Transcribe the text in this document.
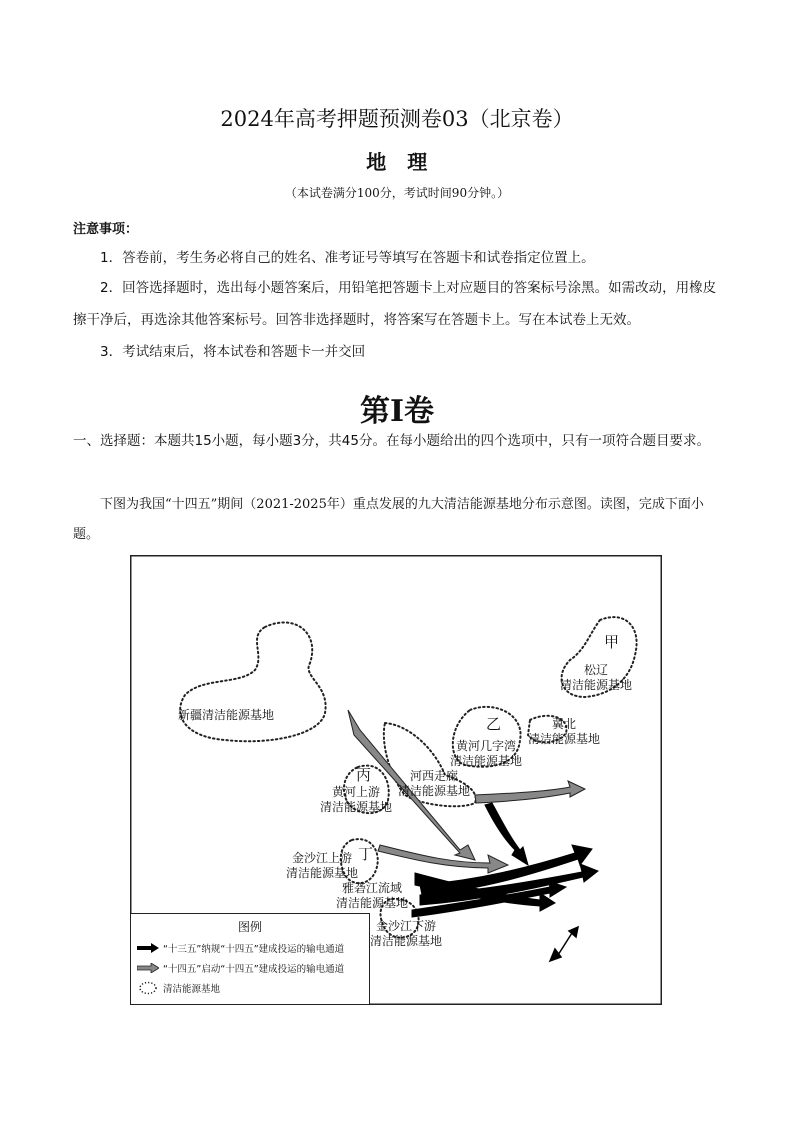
2024年高考押题预测卷03（北京卷）
地　理
（本试卷满分100分，考试时间90分钟。）
注意事项：
1．答卷前，考生务必将自己的姓名、准考证号等填写在答题卡和试卷指定位置上。
2．回答选择题时，选出每小题答案后，用铅笔把答题卡上对应题目的答案标号涂黑。如需改动，用橡皮擦干净后，再选涂其他答案标号。回答非选择题时，将答案写在答题卡上。写在本试卷上无效。
3．考试结束后，将本试卷和答题卡一并交回
第Ⅰ卷
一、选择题：本题共15小题，每小题3分，共45分。在每小题给出的四个选项中，只有一项符合题目要求。
下图为我国“十四五”期间（2021-2025年）重点发展的九大清洁能源基地分布示意图。读图，完成下面小题。
甲
松辽
清洁能源基地
冀北
清洁能源基地
新疆清洁能源基地	乙
黄河几字湾
清洁能源基地
丙	河西走廊
清洁能源基地
黄河上游
清洁能源基地
丁
金沙江上游
清洁能源基地
雅砻江流域
清洁能源基地
金沙江下游
清洁能源基地
图例
“十三五”纳规“十四五”建成投运的输电通道
“十四五”启动“十四五”建成投运的输电通道
清洁能源基地
